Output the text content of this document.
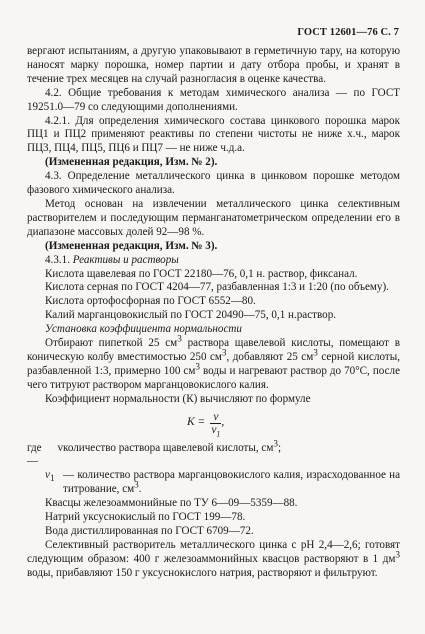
ГОСТ 12601—76 С. 7

вергают испытаниям, а другую упаковывают в герметичную тару, на которую наносят марку порошка, номер партии и дату отбора пробы, и хранят в течение трех месяцев на случай разногласия в оценке качества.

4.2. Общие требования к методам химического анализа — по ГОСТ 19251.0—79 со следующими дополнениями.

4.2.1. Для определения химического состава цинкового порошка марок ПЦ1 и ПЦ2 применяют реактивы по степени чистоты не ниже х.ч., марок ПЦ3, ПЦ4, ПЦ5, ПЦ6 и ПЦ7 — не ниже ч.д.а.

(Измененная редакция, Изм. № 2).

4.3. Определение металлического цинка в цинковом порошке методом фазового химического анализа.

Метод основан на извлечении металлического цинка селективным растворителем и последующим перманганатометрическом определении его в диапазоне массовых долей 92—98 %.

(Измененная редакция, Изм. № 3).

4.3.1. Реактивы и растворы

Кислота щавелевая по ГОСТ 22180—76, 0,1 н. раствор, фиксанал.

Кислота серная по ГОСТ 4204—77, разбавленная 1:3 и 1:20 (по объему).

Кислота ортофосфорная по ГОСТ 6552—80.

Калий марганцовокислый по ГОСТ 20490—75, 0,1 н.раствор.

Установка коэффициента нормальности

Отбирают пипеткой 25 $см^3$ раствора щавелевой кислоты, помещают в коническую колбу вместимостью 250 $см^3$, добавляют 25 $см^3$ серной кислоты, разбавленной 1:3, примерно 100 $см^3$ воды и нагревают раствор до 70°С, после чего титруют раствором марганцовокислого калия.

Коэффициент нормальности (К) вычисляют по формуле

$K = \frac{v}{v_1}$ ,
где v —
количество раствора щавелевой кислоты, $см^3$;
$v_1$ — количество раствора марганцовокислого калия, израсходованное на титрование, $см^3$.

Квасцы железоаммонийные по ТУ 6—09—5359—88.

Натрий уксуснокислый по ГОСТ 199—78.

Вода дистиллированная по ГОСТ 6709—72.

Селективный растворитель металлического цинка с pH 2,4—2,6; готовят следующим образом: 400 г железоаммонийных квасцов растворяют в 1 $дм^3$ воды, прибавляют 150 г уксуснокислого натрия, растворяют и фильтруют.
